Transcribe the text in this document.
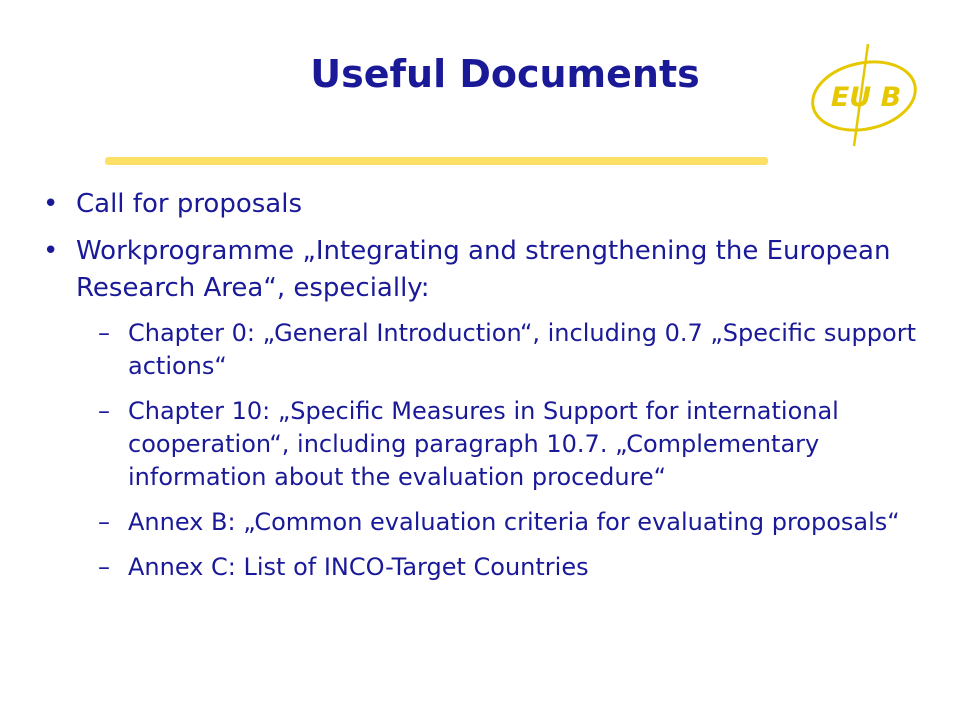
Useful Documents
EU B
• Call for proposals
• Workprogramme „Integrating and strengthening the European Research Area“, especially:
– Chapter 0: „General Introduction“, including 0.7 „Specific support actions“
– Chapter 10: „Specific Measures in Support for international cooperation“, including paragraph 10.7. „Complementary information about the evaluation procedure“
– Annex B: „Common evaluation criteria for evaluating proposals“
– Annex C: List of INCO-Target Countries
